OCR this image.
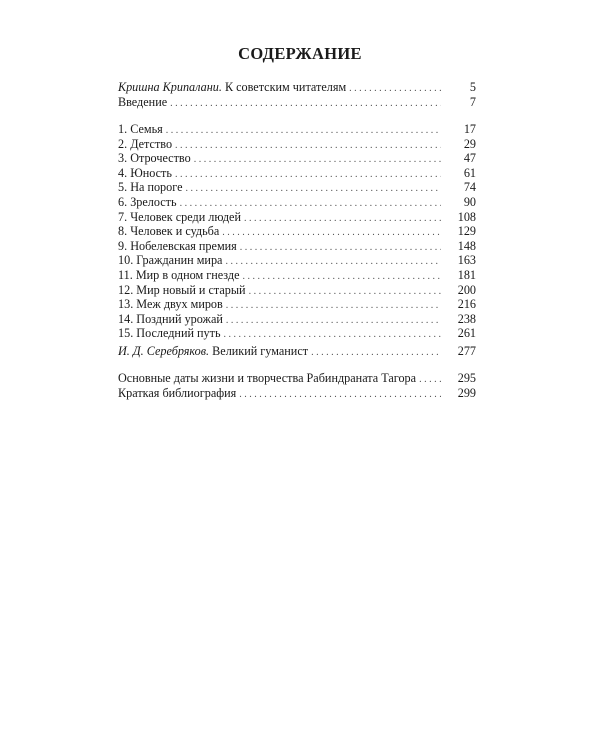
СОДЕРЖАНИЕ
Кришна Крипалани. К советским читателям . . .	5
Введение . . .	7
1. Семья . . .	17
2. Детство . . .	29
3. Отрочество . . .	47
4. Юность . . .	61
5. На пороге . . .	74
6. Зрелость . . .	90
7. Человек среди людей . . .	108
8. Человек и судьба . . .	129
9. Нобелевская премия . . .	148
10. Гражданин мира . . .	163
11. Мир в одном гнезде . . .	181
12. Мир новый и старый . . .	200
13. Меж двух миров . . .	216
14. Поздний урожай . . .	238
15. Последний путь . . .	261
И. Д. Серебряков. Великий гуманист . . .	277
Основные даты жизни и творчества Рабиндраната Тагора . . .	295
Краткая библиография . . .	299
